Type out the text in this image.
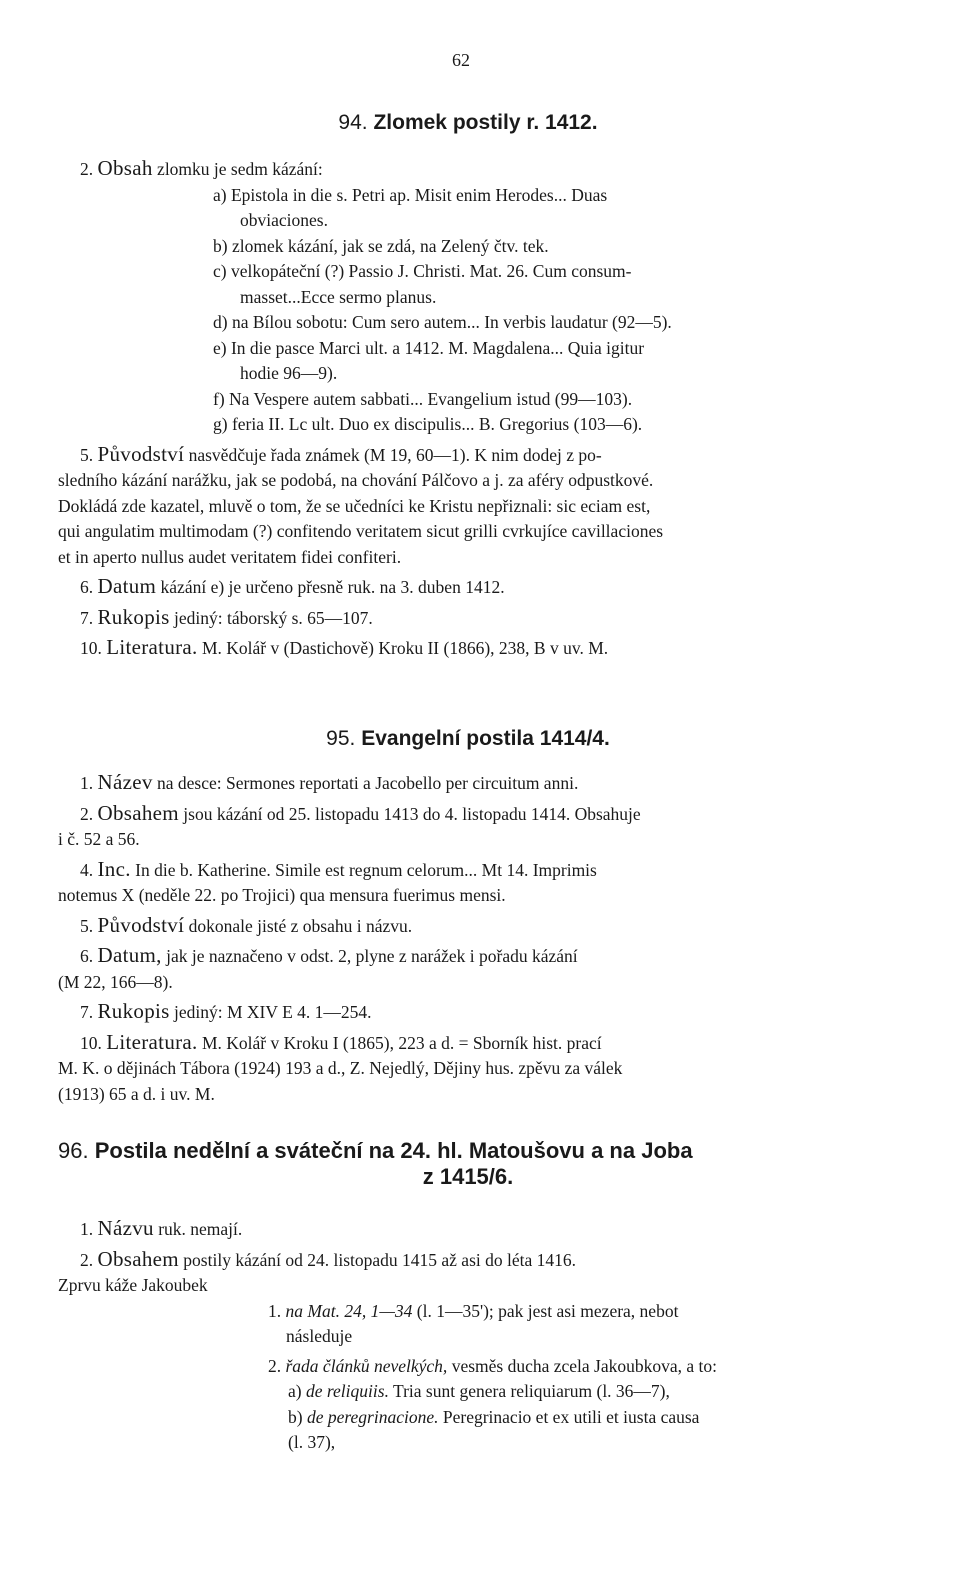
62
94. Zlomek postily r. 1412.

2. Obsah zlomku je sedm kázání:

a) Epistola in die s. Petri ap. Misit enim Herodes... Duas

obviaciones.

b) zlomek kázání, jak se zdá, na Zelený čtv. tek.

c) velkopáteční (?) Passio J. Christi. Mat. 26. Cum consum-

masset...Ecce sermo planus.

d) na Bílou sobotu: Cum sero autem... In verbis laudatur (92—5).

e) In die pasce Marci ult. a 1412. M. Magdalena... Quia igitur

hodie 96—9).

f) Na Vespere autem sabbati... Evangelium istud (99—103).

g) feria II. Lc ult. Duo ex discipulis... B. Gregorius (103—6).

5. Původství nasvědčuje řada známek (M 19, 60—1). K nim dodej z po-

sledního kázání narážku, jak se podobá, na chování Pálčovo a j. za aféry odpustkové.

Dokládá zde kazatel, mluvě o tom, že se učedníci ke Kristu nepřiznali: sic eciam est,

qui angulatim multimodam (?) confitendo veritatem sicut grilli cvrkujíce cavillaciones

et in aperto nullus audet veritatem fidei confiteri.

6. Datum kázání e) je určeno přesně ruk. na 3. duben 1412.

7. Rukopis jediný: táborský s. 65—107.

10. Literatura. M. Kolář v (Dastichově) Kroku II (1866), 238, B v uv. M.

95. Evangelní postila 1414/4.

1. Název na desce: Sermones reportati a Jacobello per circuitum anni.

2. Obsahem jsou kázání od 25. listopadu 1413 do 4. listopadu 1414. Obsahuje

i č. 52 a 56.

4. Inc. In die b. Katherine. Simile est regnum celorum... Mt 14. Imprimis

notemus X (neděle 22. po Trojici) qua mensura fuerimus mensi.

5. Původství dokonale jisté z obsahu i názvu.

6. Datum, jak je naznačeno v odst. 2, plyne z narážek i pořadu kázání

(M 22, 166—8).

7. Rukopis jediný: M XIV E 4. 1—254.

10. Literatura. M. Kolář v Kroku I (1865), 223 a d. = Sborník hist. prací

M. K. o dějinách Tábora (1924) 193 a d., Z. Nejedlý, Dějiny hus. zpěvu za válek

(1913) 65 a d. i uv. M.

96. Postila nedělní a sváteční na 24. hl. Matoušovu a na Joba
z 1415/6.

1. Názvu ruk. nemají.

2. Obsahem postily kázání od 24. listopadu 1415 až asi do léta 1416.

Zprvu káže Jakoubek

1. na Mat. 24, 1—34 (l. 1—35'); pak jest asi mezera, nebot

následuje

2. řada článků nevelkých, vesměs ducha zcela Jakoubkova, a to:

a) de reliquiis. Tria sunt genera reliquiarum (l. 36—7),

b) de peregrinacione. Peregrinacio et ex utili et iusta causa

(l. 37),
